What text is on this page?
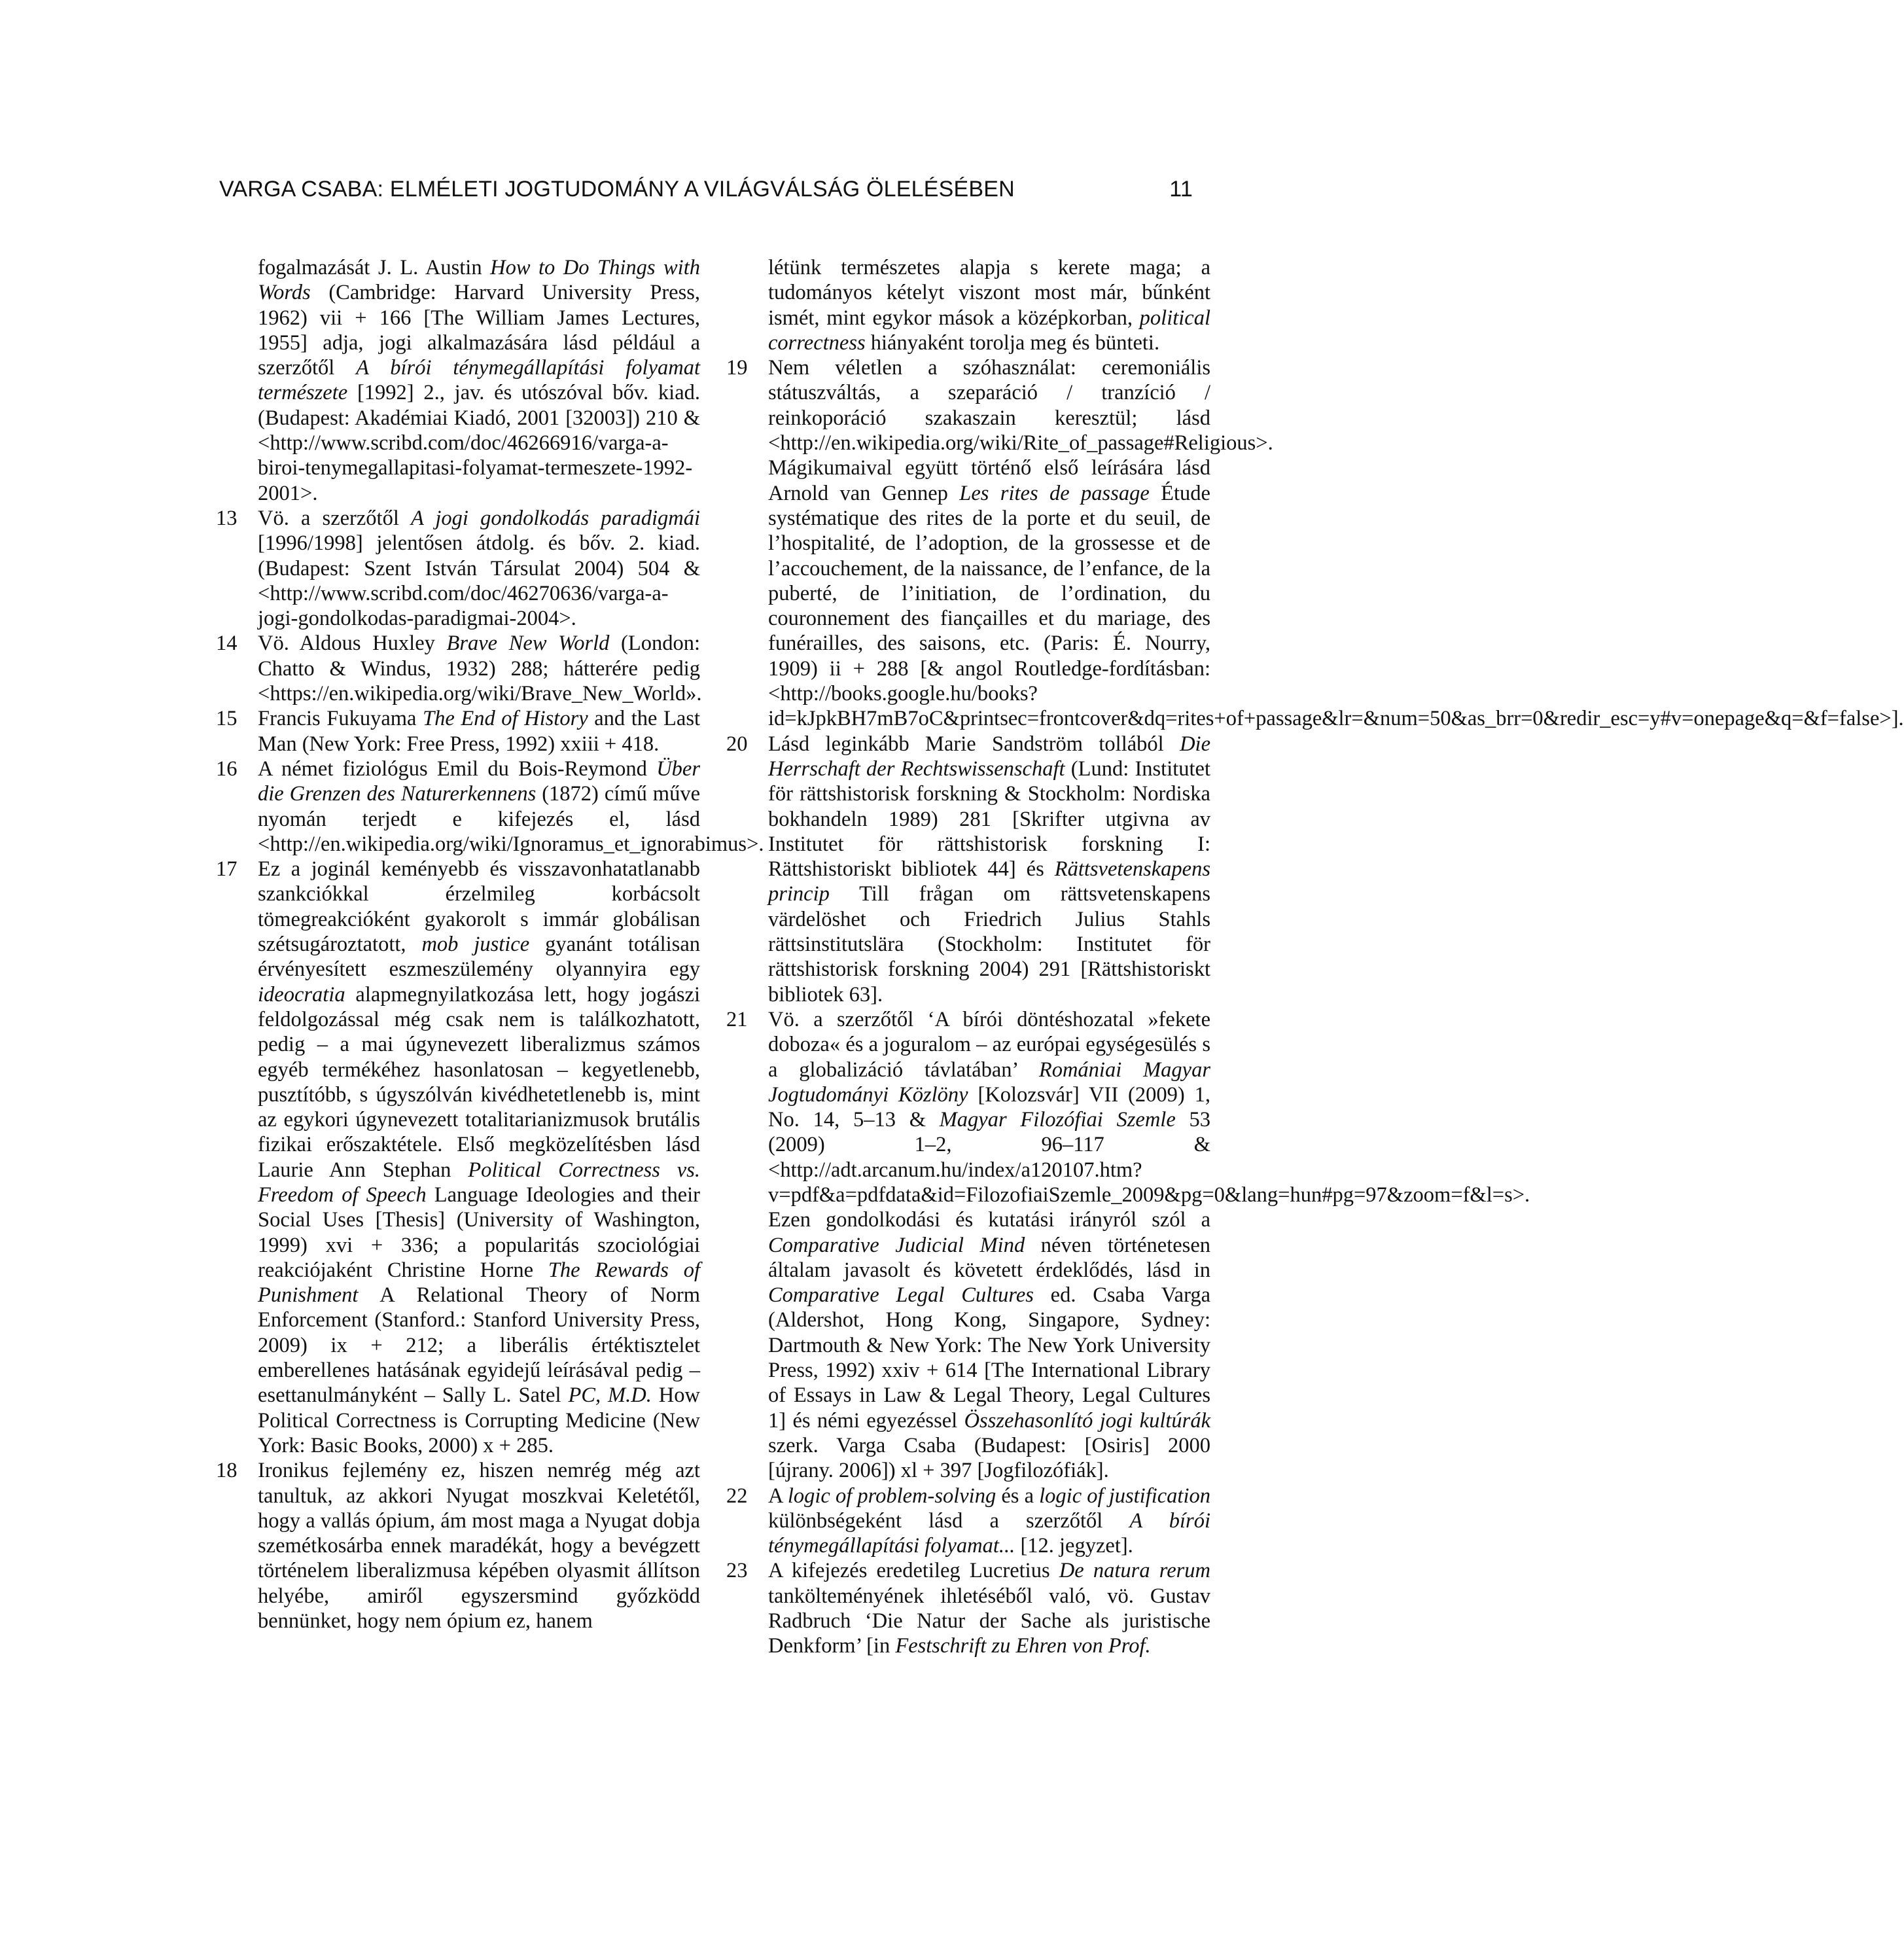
VARGA CSABA: ELMÉLETI JOGTUDOMÁNY A VILÁGVÁLSÁG ÖLELÉSÉBEN	11

fogalmazását J. L. Austin How to Do Things with Words (Cambridge: Harvard University Press, 1962) vii + 166 [The William James Lectures, 1955] adja, jogi alkalmazására lásd például a szerzőtől A bírói ténymegállapítási folyamat természete [1992] 2., jav. és utószóval bőv. kiad. (Budapest: Akadémiai Kiadó, 2001 [32003]) 210 & <http://www.scribd.com/doc/46266916/varga-a-biroi-tenymegallapitasi-folyamat-termeszete-1992-2001>.

13 Vö. a szerzőtől A jogi gondolkodás paradigmái [1996/1998] jelentősen átdolg. és bőv. 2. kiad. (Budapest: Szent István Társulat 2004) 504 & <http://www.scribd.com/doc/46270636/varga-a-jogi-gondolkodas-paradigmai-2004>.

14 Vö. Aldous Huxley Brave New World (London: Chatto & Windus, 1932) 288; hátterére pedig <https://en.wikipedia.org/wiki/Brave_New_World».

15 Francis Fukuyama The End of History and the Last Man (New York: Free Press, 1992) xxiii + 418.

16 A német fiziológus Emil du Bois-Reymond Über die Grenzen des Naturerkennens (1872) című műve nyomán terjedt e kifejezés el, lásd <http://en.wikipedia.org/wiki/Ignoramus_et_ignorabimus>.

17 Ez a joginál keményebb és visszavonhatatlanabb szankciókkal érzelmileg korbácsolt tömegreakcióként gyakorolt s immár globálisan szétsugároztatott, mob justice gyanánt totálisan érvényesített eszmeszülemény olyannyira egy ideocratia alapmegnyilatkozása lett, hogy jogászi feldolgozással még csak nem is találkozhatott, pedig – a mai úgynevezett liberalizmus számos egyéb termékéhez hasonlatosan – kegyetlenebb, pusztítóbb, s úgyszólván kivédhetetlenebb is, mint az egykori úgynevezett totalitarianizmusok brutális fizikai erőszaktétele. Első megközelítésben lásd Laurie Ann Stephan Political Correctness vs. Freedom of Speech Language Ideologies and their Social Uses [Thesis] (University of Washington, 1999) xvi + 336; a popularitás szociológiai reakciójaként Christine Horne The Rewards of Punishment A Relational Theory of Norm Enforcement (Stanford.: Stanford University Press, 2009) ix + 212; a liberális értéktisztelet emberellenes hatásának egyidejű leírásával pedig – esettanulmányként – Sally L. Satel PC, M.D. How Political Correctness is Corrupting Medicine (New York: Basic Books, 2000) x + 285.

18 Ironikus fejlemény ez, hiszen nemrég még azt tanultuk, az akkori Nyugat moszkvai Keletétől, hogy a vallás ópium, ám most maga a Nyugat dobja szemétkosárba ennek maradékát, hogy a bevégzett történelem liberalizmusa képében olyasmit állítson helyébe, amiről egyszersmind győzködd bennünket, hogy nem ópium ez, hanem

létünk természetes alapja s kerete maga; a tudományos kételyt viszont most már, bűnként ismét, mint egykor mások a középkorban, political correctness hiányaként torolja meg és bünteti.

19 Nem véletlen a szóhasználat: ceremoniális státuszváltás, a szeparáció / tranzíció / reinkoporáció szakaszain keresztül; lásd <http://en.wikipedia.org/wiki/Rite_of_passage#Religious>. Mágikumaival együtt történő első leírására lásd Arnold van Gennep Les rites de passage Étude systématique des rites de la porte et du seuil, de l’hospitalité, de l’adoption, de la grossesse et de l’accouchement, de la naissance, de l’enfance, de la puberté, de l’initiation, de l’ordination, du couronnement des fiançailles et du mariage, des funérailles, des saisons, etc. (Paris: É. Nourry, 1909) ii + 288 [& angol Routledge-fordításban: <http://books.google.hu/books?id=kJpkBH7mB7oC&printsec=frontcover&dq=rites+of+passage&lr=&num=50&as_brr=0&redir_esc=y#v=onepage&q=&f=false>].

20 Lásd leginkább Marie Sandström tollából Die Herrschaft der Rechtswissenschaft (Lund: Institutet för rättshistorisk forskning & Stockholm: Nordiska bokhandeln 1989) 281 [Skrifter utgivna av Institutet för rättshistorisk forskning I: Rättshistoriskt bibliotek 44] és Rättsvetenskapens princip Till frågan om rättsvetenskapens värdelöshet och Friedrich Julius Stahls rättsinstitutslära (Stockholm: Institutet för rättshistorisk forskning 2004) 291 [Rättshistoriskt bibliotek 63].

21 Vö. a szerzőtől ‘A bírói döntéshozatal »fekete doboza« és a joguralom – az európai egységesülés s a globalizáció távlatában’ Romániai Magyar Jogtudományi Közlöny [Kolozsvár] VII (2009) 1, No. 14, 5–13 & Magyar Filozófiai Szemle 53 (2009) 1–2, 96–117 & <http://adt.arcanum.hu/index/a120107.htm?v=pdf&a=pdfdata&id=FilozofiaiSzemle_2009&pg=0&lang=hun#pg=97&zoom=f&l=s>. Ezen gondolkodási és kutatási irányról szól a Comparative Judicial Mind néven történetesen általam javasolt és követett érdeklődés, lásd in Comparative Legal Cultures ed. Csaba Varga (Aldershot, Hong Kong, Singapore, Sydney: Dartmouth & New York: The New York University Press, 1992) xxiv + 614 [The International Library of Essays in Law & Legal Theory, Legal Cultures 1] és némi egyezéssel Összehasonlító jogi kultúrák szerk. Varga Csaba (Budapest: [Osiris] 2000 [újrany. 2006]) xl + 397 [Jogfilozófiák].

22 A logic of problem-solving és a logic of justification különbségeként lásd a szerzőtől A bírói ténymegállapítási folyamat... [12. jegyzet].

23 A kifejezés eredetileg Lucretius De natura rerum tankölteményének ihletéséből való, vö. Gustav Radbruch ‘Die Natur der Sache als juristische Denkform’ [in Festschrift zu Ehren von Prof.
